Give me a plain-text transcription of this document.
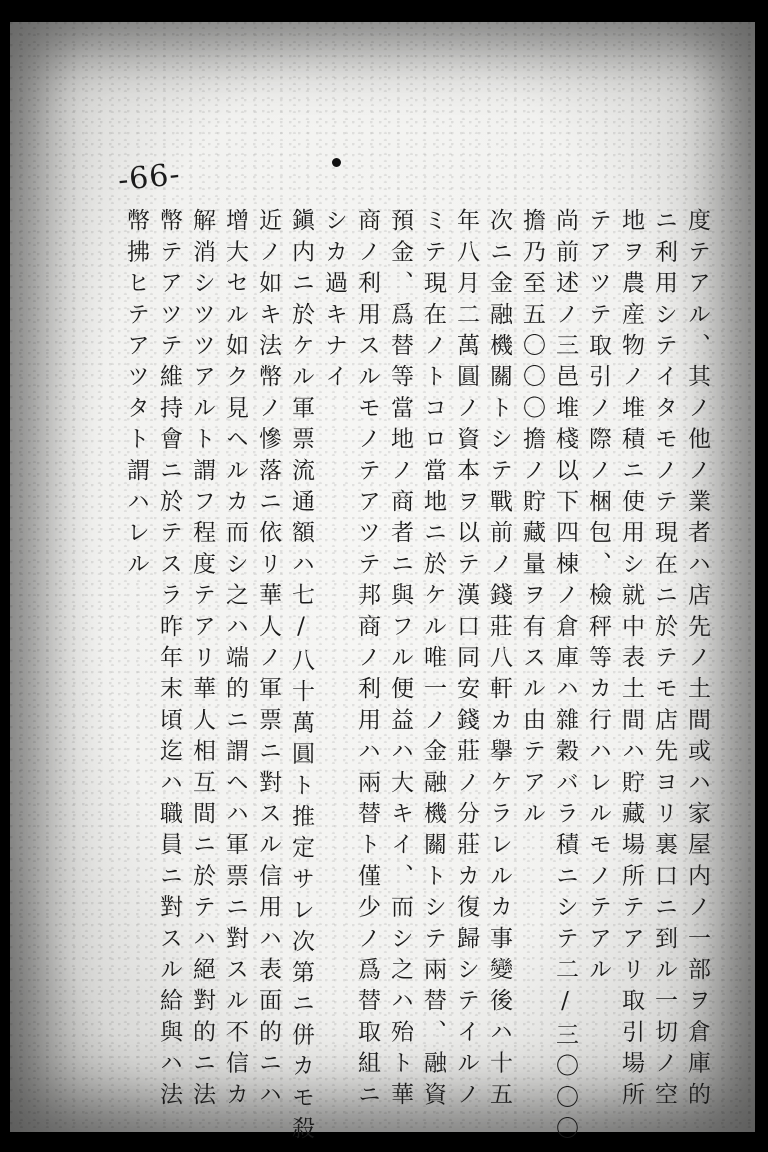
-66-
度テアル、其ノ他ノ業者ハ店先ノ土間或ハ家屋内ノ一部ヲ倉庫的
ニ利用シテイタモノテ現在ニ於テモ店先ヨリ裏口ニ到ル一切ノ空
地ヲ農産物ノ堆積ニ使用シ就中表土間ハ貯藏場所テアリ取引場所
テアツテ取引ノ際ノ梱包、檢秤等カ行ハレルモノテアル
尚前述ノ三邑堆棧以下四棟ノ倉庫ハ雜穀バラ積ニシテ二/三〇〇〇
擔乃至五〇〇〇擔ノ貯藏量ヲ有スル由テアル
次ニ金融機關トシテ戰前ノ錢莊八軒カ擧ケラレルカ事變後ハ十五
年八月二萬圓ノ資本ヲ以テ漢口同安錢莊ノ分莊カ復歸シテイルノ
ミテ現在ノトコロ當地ニ於ケル唯一ノ金融機關トシテ兩替、融資
預金、爲替等當地ノ商者ニ與フル便益ハ大キイ、而シ之ハ殆ト華
商ノ利用スルモノテアツテ邦商ノ利用ハ兩替ト僅少ノ爲替取組ニ
シカ過キナイ
鎭内ニ於ケル軍票流通額ハ七/八十萬圓ト推定サレ次第ニ併カモ殺
近ノ如キ法幣ノ慘落ニ依リ華人ノ軍票ニ對スル信用ハ表面的ニハ
增大セル如ク見ヘルカ而シ之ハ端的ニ謂ヘハ軍票ニ對スル不信カ
解消シツツアルト謂フ程度テアリ華人相互間ニ於テハ絕對的ニ法
幣テアツテ維持會ニ於テスラ昨年末頃迄ハ職員ニ對スル給與ハ法
幣拂ヒテアツタト謂ハレル
